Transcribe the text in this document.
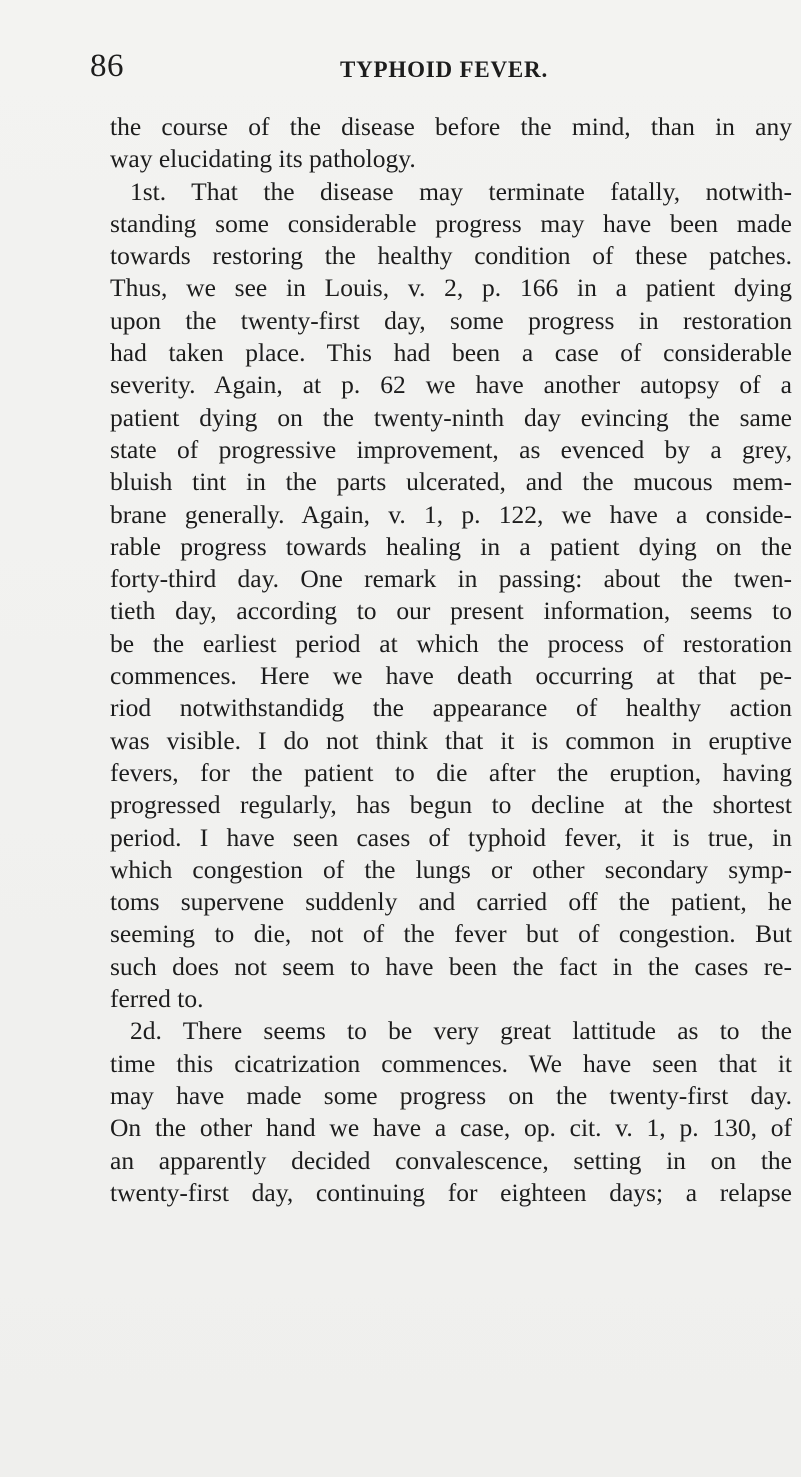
86	TYPHOID FEVER.
the course of the disease before the mind, than in any
way elucidating its pathology.
1st. That the disease may terminate fatally, notwith-
standing some considerable progress may have been made
towards restoring the healthy condition of these patches.
Thus, we see in Louis, v. 2, p. 166 in a patient dying
upon the twenty-first day, some progress in restoration
had taken place. This had been a case of considerable
severity. Again, at p. 62 we have another autopsy of a
patient dying on the twenty-ninth day evincing the same
state of progressive improvement, as evenced by a grey,
bluish tint in the parts ulcerated, and the mucous mem-
brane generally. Again, v. 1, p. 122, we have a conside-
rable progress towards healing in a patient dying on the
forty-third day. One remark in passing: about the twen-
tieth day, according to our present information, seems to
be the earliest period at which the process of restoration
commences. Here we have death occurring at that pe-
riod notwithstandidg the appearance of healthy action
was visible. I do not think that it is common in eruptive
fevers, for the patient to die after the eruption, having
progressed regularly, has begun to decline at the shortest
period. I have seen cases of typhoid fever, it is true, in
which congestion of the lungs or other secondary symp-
toms supervene suddenly and carried off the patient, he
seeming to die, not of the fever but of congestion. But
such does not seem to have been the fact in the cases re-
ferred to.
2d. There seems to be very great lattitude as to the
time this cicatrization commences. We have seen that it
may have made some progress on the twenty-first day.
On the other hand we have a case, op. cit. v. 1, p. 130, of
an apparently decided convalescence, setting in on the
twenty-first day, continuing for eighteen days; a relapse
